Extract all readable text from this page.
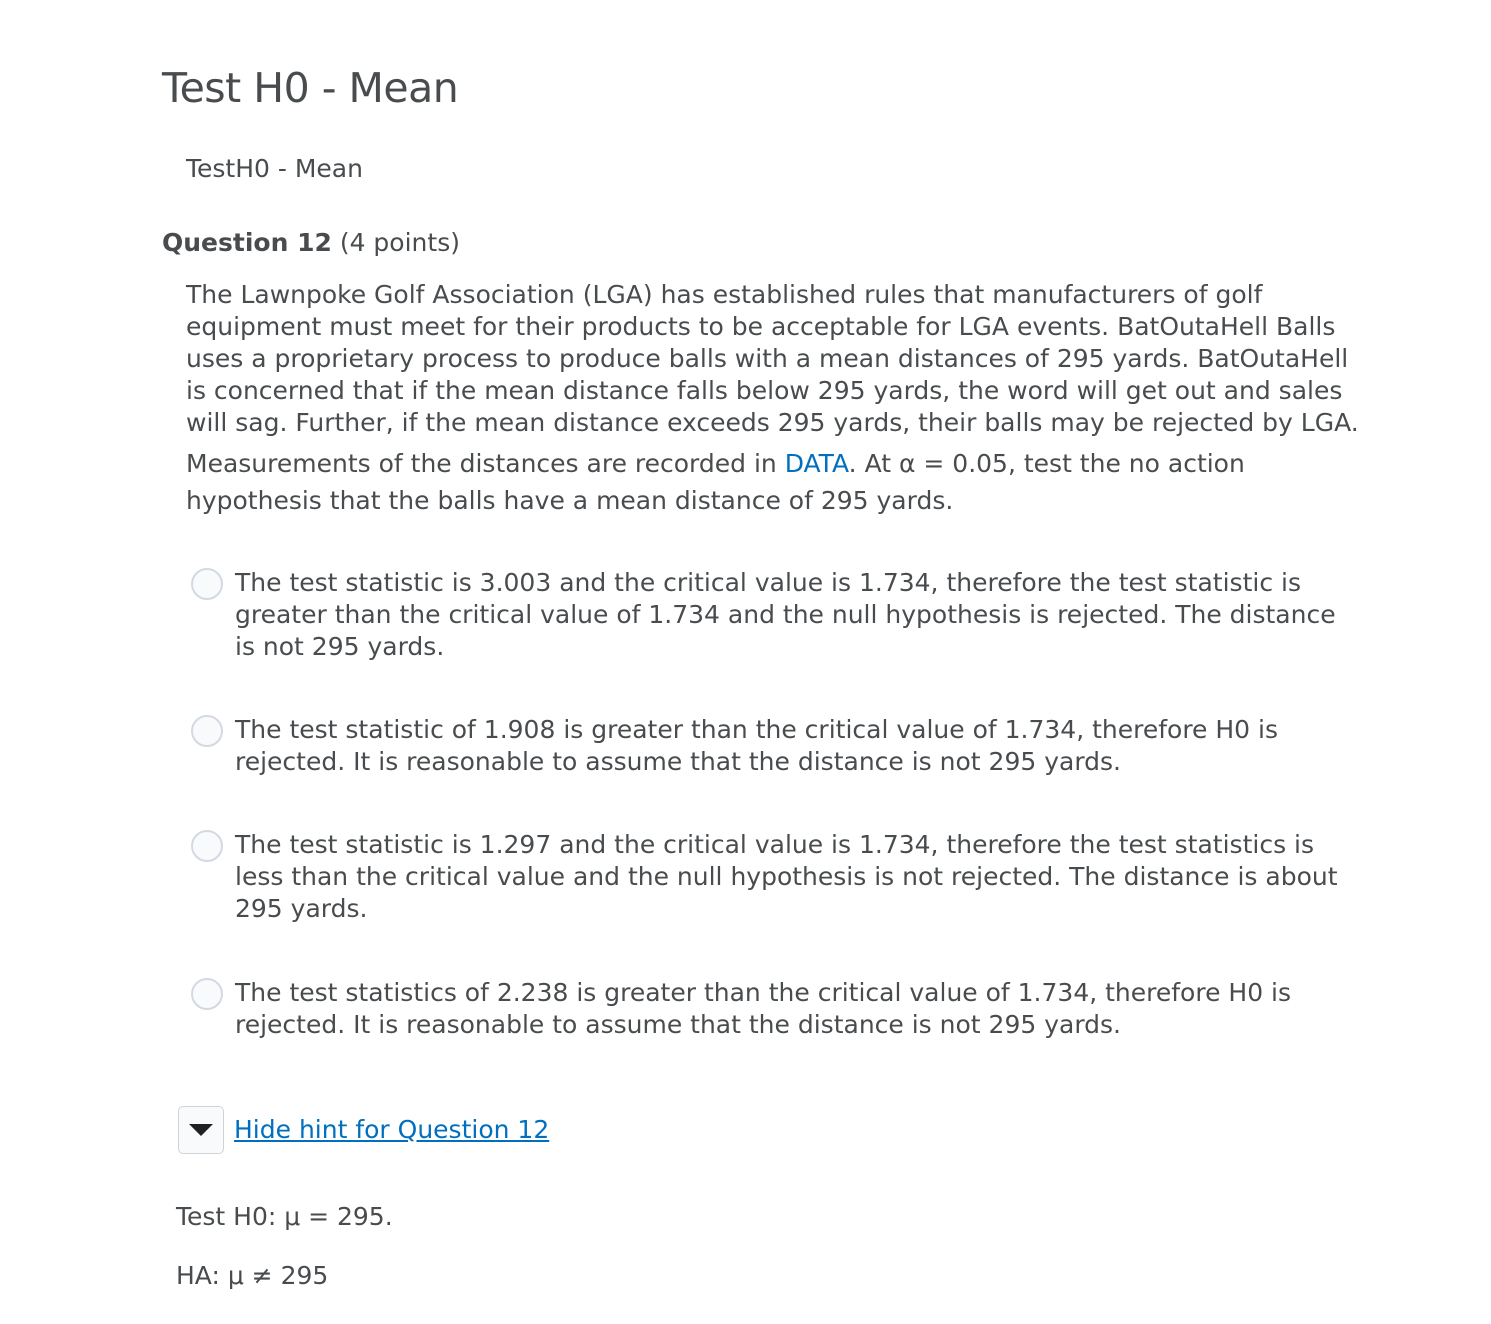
Test H0 - Mean
TestH0 - Mean
Question 12 (4 points)

The Lawnpoke Golf Association (LGA) has established rules that manufacturers of golf equipment must meet for their products to be acceptable for LGA events. BatOutaHell Balls uses a proprietary process to produce balls with a mean distances of 295 yards. BatOutaHell is concerned that if the mean distance falls below 295 yards, the word will get out and sales will sag. Further, if the mean distance exceeds 295 yards, their balls may be rejected by LGA.

Measurements of the distances are recorded in DATA. At α = 0.05, test the no action hypothesis that the balls have a mean distance of 295 yards.

The test statistic is 3.003 and the critical value is 1.734, therefore the test statistic is greater than the critical value of 1.734 and the null hypothesis is rejected. The distance is not 295 yards.
The test statistic of 1.908 is greater than the critical value of 1.734, therefore H0 is rejected. It is reasonable to assume that the distance is not 295 yards.
The test statistic is 1.297 and the critical value is 1.734, therefore the test statistics is less than the critical value and the null hypothesis is not rejected. The distance is about 295 yards.
The test statistics of 2.238 is greater than the critical value of 1.734, therefore H0 is rejected. It is reasonable to assume that the distance is not 295 yards.
Hide hint for Question 12
Test H0: μ = 295.
HA: μ ≠ 295
